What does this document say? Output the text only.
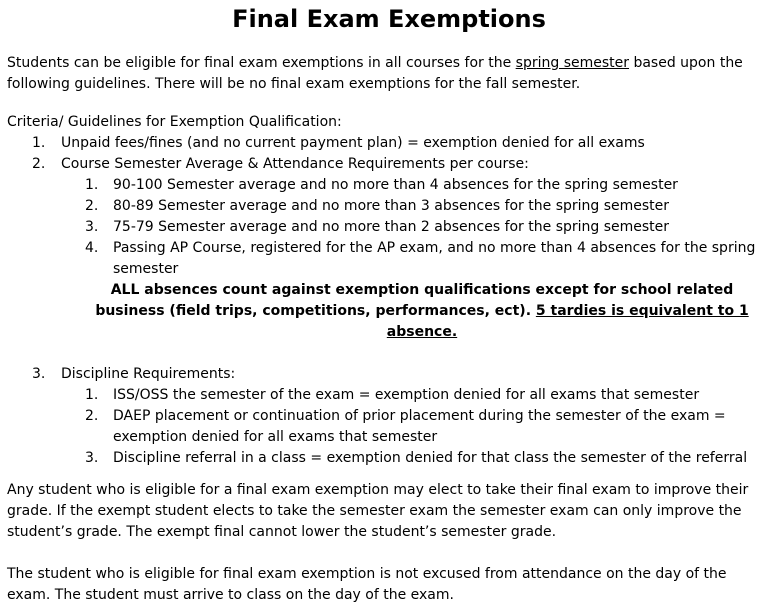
Final Exam Exemptions

Students can be eligible for final exam exemptions in all courses for the spring semester based upon the following guidelines. There will be no final exam exemptions for the fall semester.

Criteria/ Guidelines for Exemption Qualification:

1. Unpaid fees/fines (and no current payment plan) = exemption denied for all exams
2. Course Semester Average & Attendance Requirements per course:
1. 90-100 Semester average and no more than 4 absences for the spring semester
2. 80-89 Semester average and no more than 3 absences for the spring semester
3. 75-79 Semester average and no more than 2 absences for the spring semester
4. Passing AP Course, registered for the AP exam, and no more than 4 absences for the spring semester

ALL absences count against exemption qualifications except for school related business (field trips, competitions, performances, ect). 5 tardies is equivalent to 1 absence.

3. Discipline Requirements:
1. ISS/OSS the semester of the exam = exemption denied for all exams that semester
2. DAEP placement or continuation of prior placement during the semester of the exam = exemption denied for all exams that semester
3. Discipline referral in a class = exemption denied for that class the semester of the referral

Any student who is eligible for a final exam exemption may elect to take their final exam to improve their grade. If the exempt student elects to take the semester exam the semester exam can only improve the student’s grade. The exempt final cannot lower the student’s semester grade.

The student who is eligible for final exam exemption is not excused from attendance on the day of the exam. The student must arrive to class on the day of the exam.
